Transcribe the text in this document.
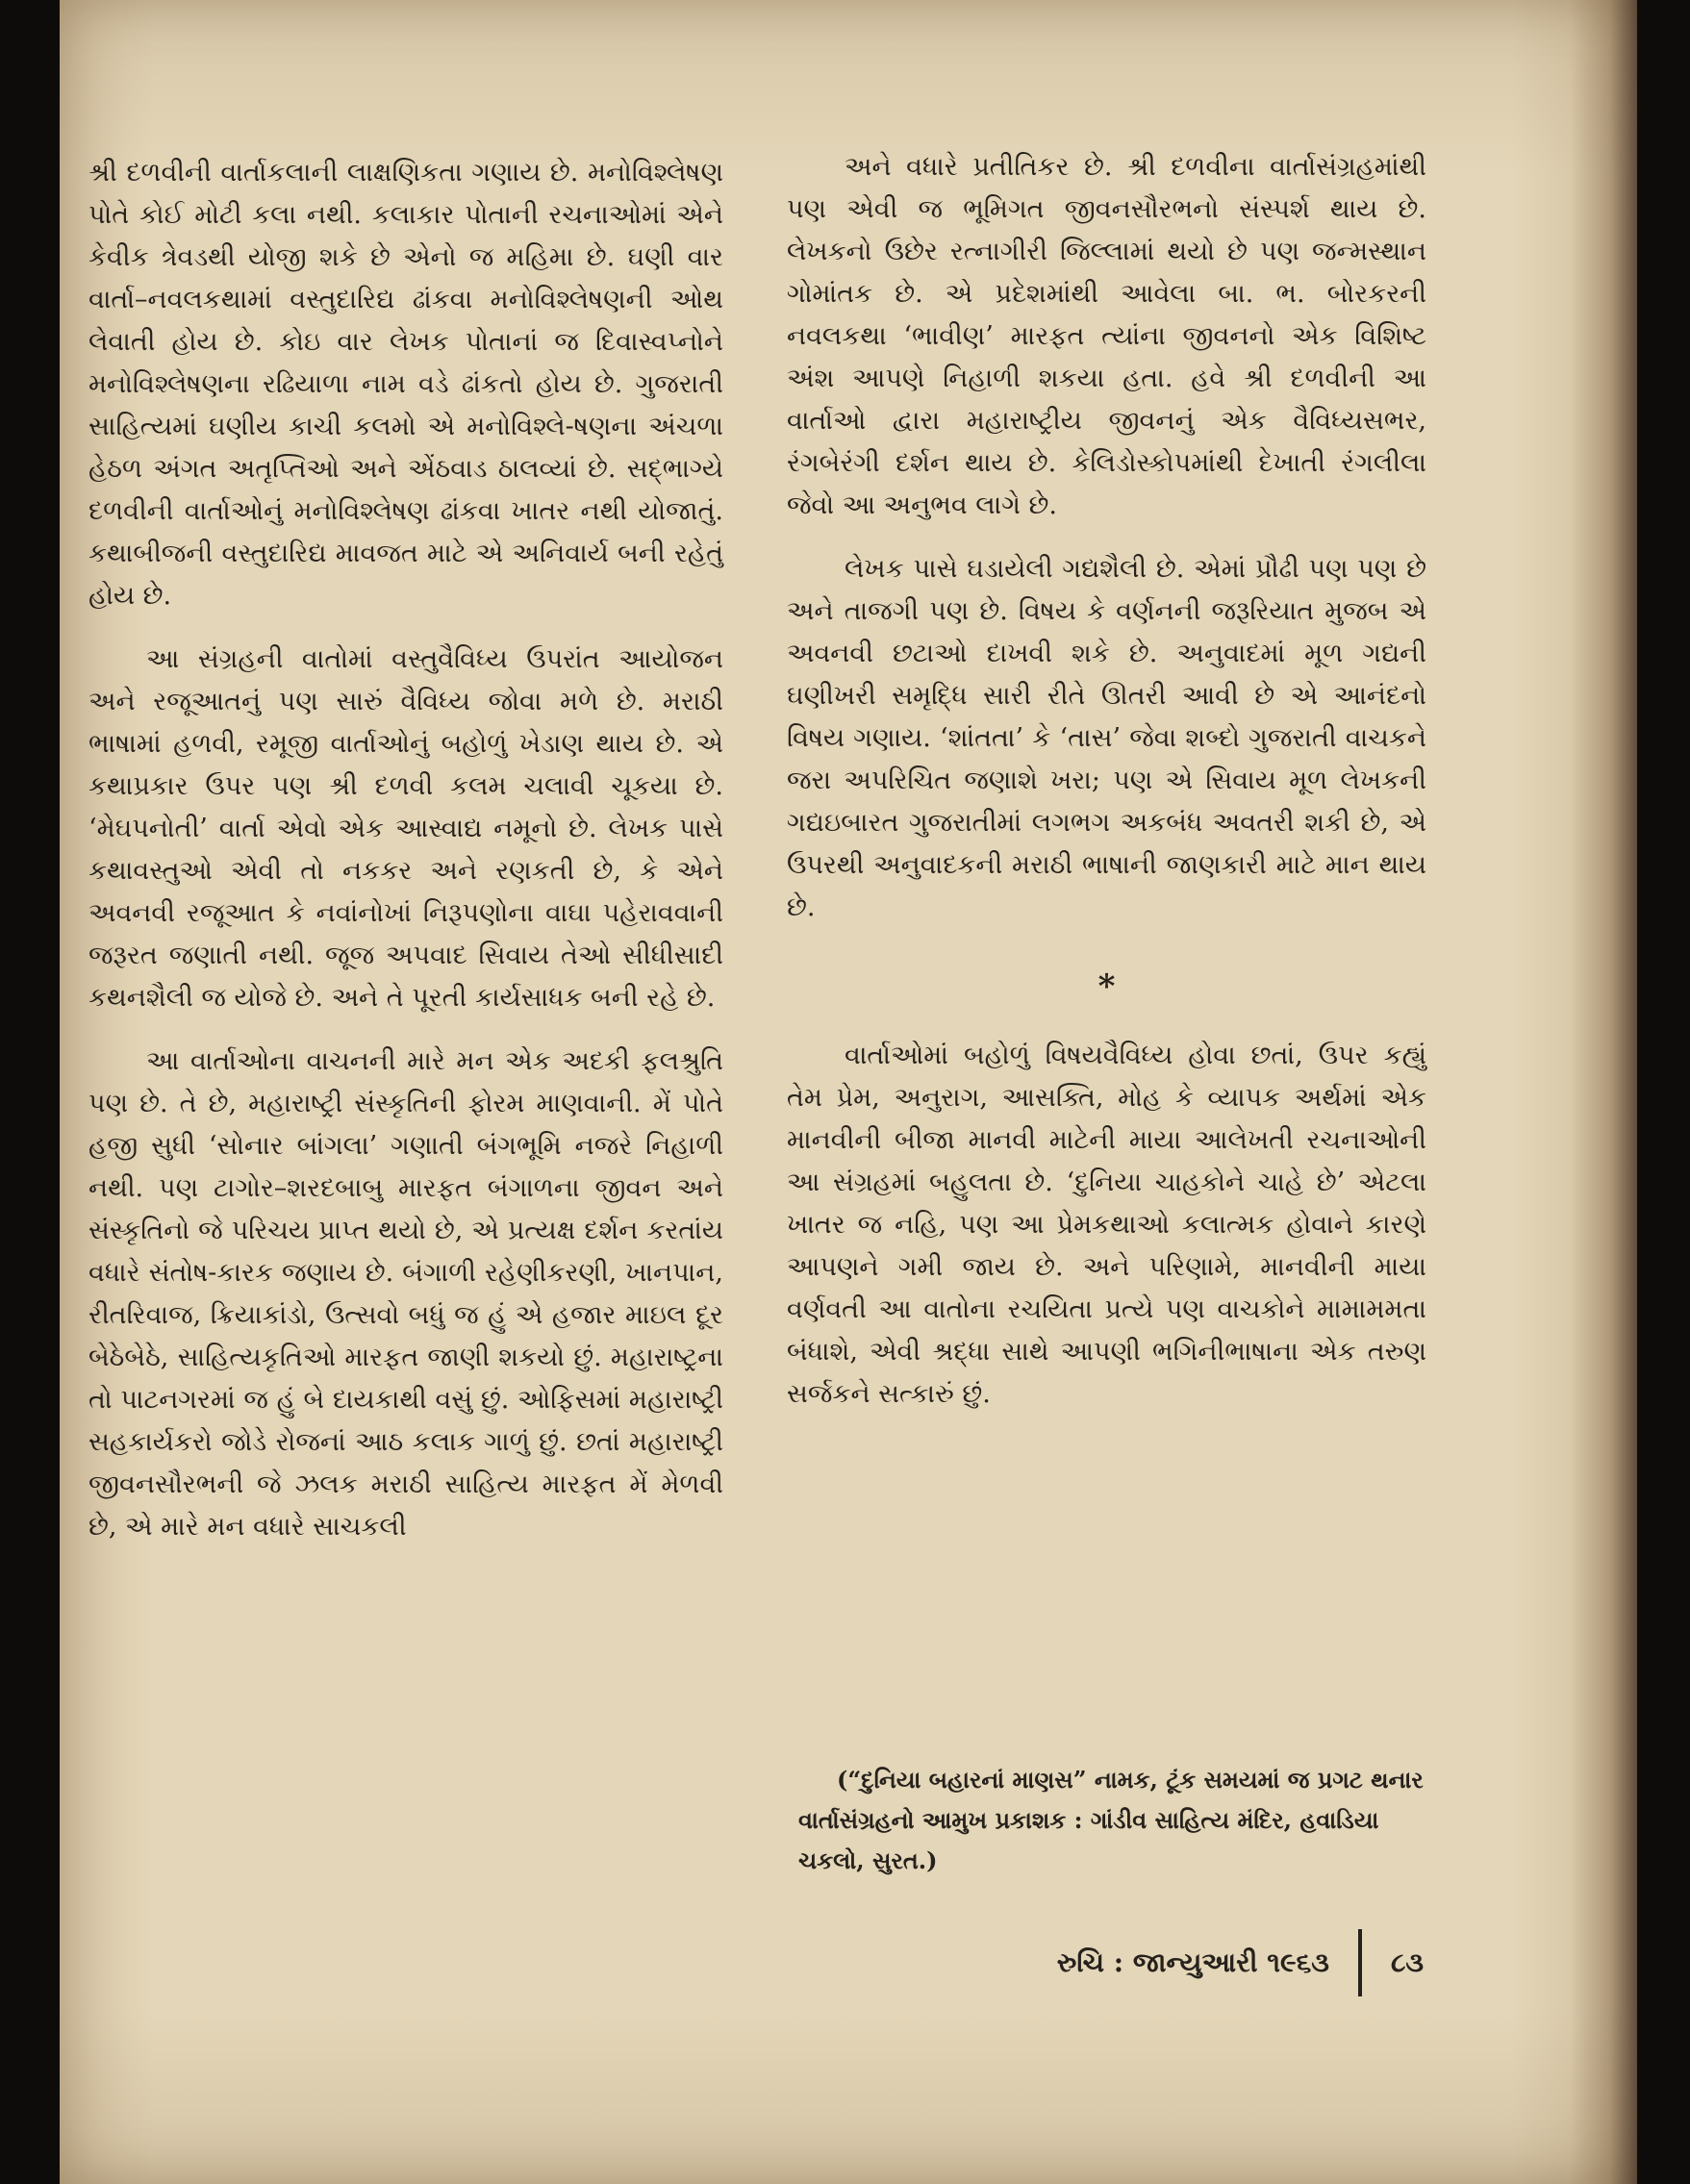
શ્રી દળવીની વાર્તાકલાની લાક્ષણિકતા ગણાય છે. મનોવિશ્લેષણ પોતે કોઈ મોટી કલા નથી. કલાકાર પોતાની રચનાઓમાં એને કેવીક ત્રેવડથી યોજી શકે છે એનો જ મહિમા છે. ઘણી વાર વાર્તા–નવલકથામાં વસ્તુદારિદ્ય ઢાંકવા મનોવિશ્લેષણની ઓથ લેવાતી હોય છે. કોઇ વાર લેખક પોતાનાં જ દિવાસ્વપ્નોને મનોવિશ્લેષણના રઢિયાળા નામ વડે ઢાંકતો હોય છે. ગુજરાતી સાહિત્યમાં ઘણીય કાચી કલમો એ મનોવિશ્લે-ષણના અંચળા હેઠળ અંગત અતૃપ્તિઓ અને એંઠવાડ ઠાલવ્યાં છે. સદ્‌ભાગ્યે દળવીની વાર્તાઓનું મનોવિશ્લેષણ ઢાંકવા ખાતર નથી યોજાતું. કથાબીજની વસ્તુદારિદ્ય માવજત માટે એ અનિવાર્ય બની રહેતું હોય છે.

આ સંગ્રહની વાતોમાં વસ્તુવૈવિધ્ય ઉપરાંત આયોજન અને રજૂઆતનું પણ સારું વૈવિધ્ય જોવા મળે છે. મરાઠી ભાષામાં હળવી, રમૂજી વાર્તાઓનું બહોળું ખેડાણ થાય છે. એ કથાપ્રકાર ઉપર પણ શ્રી દળવી કલમ ચલાવી ચૂકયા છે. ‘મેઘપનોતી’ વાર્તા એવો એક આસ્વાદ્ય નમૂનો છે. લેખક પાસે કથાવસ્તુઓ એવી તો નકકર અને રણકતી છે, કે એને અવનવી રજૂઆત કે નવાંનોખાં નિરૂપણોના વાઘા પહેરાવવાની જરૂરત જણાતી નથી. જૂજ અપવાદ સિવાય તેઓ સીધીસાદી કથનશૈલી જ યોજે છે. અને તે પૂરતી કાર્યસાધક બની રહે છે.

આ વાર્તાઓના વાચનની મારે મન એક અદકી ફલશ્રુતિ પણ છે. તે છે, મહારાષ્ટ્રી સંસ્કૃતિની ફોરમ માણવાની. મેં પોતે હજી સુધી ‘સોનાર બાંગલા’ ગણાતી બંગભૂમિ નજરે નિહાળી નથી. પણ ટાગોર–શરદબાબુ મારફત બંગાળના જીવન અને સંસ્કૃતિનો જે પરિચય પ્રાપ્ત થયો છે, એ પ્રત્યક્ષ દર્શન કરતાંય વધારે સંતોષ-કારક જણાય છે. બંગાળી રહેણીકરણી, ખાનપાન, રીતરિવાજ, ક્રિયાકાંડો, ઉત્સવો બધું જ હું એ હજાર માઇલ દૂર બેઠેબેઠે, સાહિત્યકૃતિઓ મારફત જાણી શકયો છું. મહારાષ્ટ્રના તો પાટનગરમાં જ હું બે દાયકાથી વસું છું. ઓફિસમાં મહારાષ્ટ્રી સહકાર્યકરો જોડે રોજનાં આઠ કલાક ગાળું છું. છતાં મહારાષ્ટ્રી જીવનસૌરભની જે ઝલક મરાઠી સાહિત્ય મારફત મેં મેળવી છે, એ મારે મન વધારે સાચકલી

અને વધારે પ્રતીતિકર છે. શ્રી દળવીના વાર્તાસંગ્રહમાંથી પણ એવી જ ભૂમિગત જીવનસૌરભનો સંસ્પર્શ થાય છે. લેખકનો ઉછેર રત્નાગીરી જિલ્લામાં થયો છે પણ જન્મસ્થાન ગોમાંતક છે. એ પ્રદેશમાંથી આવેલા બા. ભ. બોરકરની નવલકથા ‘ભાવીણ’ મારફત ત્યાંના જીવનનો એક વિશિષ્ટ અંશ આપણે નિહાળી શકયા હતા. હવે શ્રી દળવીની આ વાર્તાઓ દ્વારા મહારાષ્ટ્રીય જીવનનું એક વૈવિધ્યસભર, રંગબેરંગી દર્શન થાય છે. કેલિડોસ્કોપમાંથી દેખાતી રંગલીલા જેવો આ અનુભવ લાગે છે.

લેખક પાસે ઘડાયેલી ગદ્યશૈલી છે. એમાં પ્રૌઢી પણ પણ છે અને તાજગી પણ છે. વિષય કે વર્ણનની જરૂરિયાત મુજબ એ અવનવી છટાઓ દાખવી શકે છે. અનુવાદમાં મૂળ ગદ્યની ઘણીખરી સમૃદ્ધિ સારી રીતે ઊતરી આવી છે એ આનંદનો વિષય ગણાય. ‘શાંતતા’ કે ‘તાસ’ જેવા શબ્દો ગુજરાતી વાચકને જરા અપરિચિત જણાશે ખરા; પણ એ સિવાય મૂળ લેખકની ગદ્યઇબારત ગુજરાતીમાં લગભગ અકબંધ અવતરી શકી છે, એ ઉપરથી અનુવાદકની મરાઠી ભાષાની જાણકારી માટે માન થાય છે.

*

વાર્તાઓમાં બહોળું વિષયવૈવિધ્ય હોવા છતાં, ઉપર કહ્યું તેમ પ્રેમ, અનુરાગ, આસક્તિ, મોહ કે વ્યાપક અર્થમાં એક માનવીની બીજા માનવી માટેની માયા આલેખતી રચનાઓની આ સંગ્રહમાં બહુલતા છે. ‘દુનિયા ચાહકોને ચાહે છે’ એટલા ખાતર જ નહિ, પણ આ પ્રેમકથાઓ કલાત્મક હોવાને કારણે આપણને ગમી જાય છે. અને પરિણામે, માનવીની માયા વર્ણવતી આ વાતોના રચયિતા પ્રત્યે પણ વાચકોને મામામમતા બંધાશે, એવી શ્રદ્ધા સાથે આપણી ભગિનીભાષાના એક તરુણ સર્જકને સત્કારું છું.

(“દુનિયા બહારનાં માણસ” નામક, ટૂંક સમયમાં જ પ્રગટ થનાર વાર્તાસંગ્રહનો આમુખ પ્રકાશક : ગાંડીવ સાહિત્ય મંદિર, હવાડિયા ચકલો, સુરત.)
રુચિ : જાન્યુઆરી ૧૯૬૩ ૮૩
